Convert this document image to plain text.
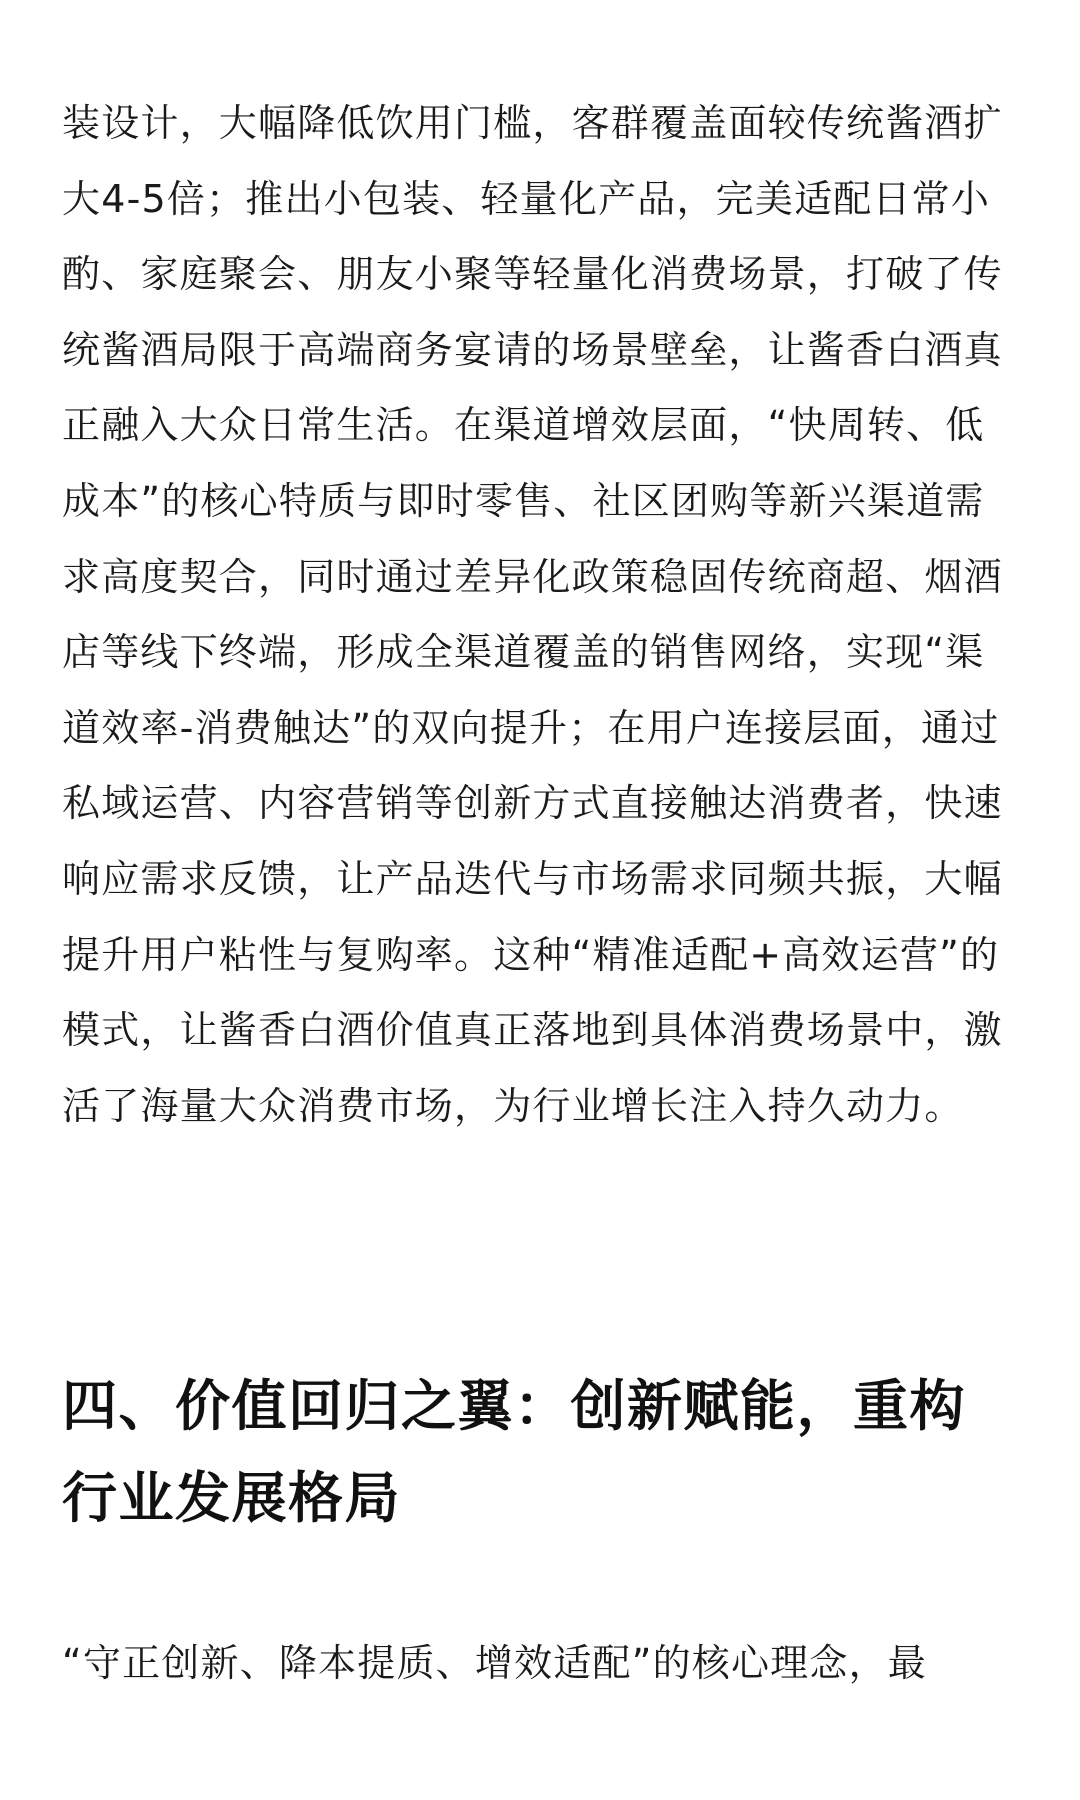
装设计，大幅降低饮用门槛，客群覆盖面较传统酱酒扩大4-5倍；推出小包装、轻量化产品，完美适配日常小酌、家庭聚会、朋友小聚等轻量化消费场景，打破了传统酱酒局限于高端商务宴请的场景壁垒，让酱香白酒真正融入大众日常生活。在渠道增效层面，“快周转、低成本”的核心特质与即时零售、社区团购等新兴渠道需求高度契合，同时通过差异化政策稳固传统商超、烟酒店等线下终端，形成全渠道覆盖的销售网络，实现“渠道效率-消费触达”的双向提升；在用户连接层面，通过私域运营、内容营销等创新方式直接触达消费者，快速响应需求反馈，让产品迭代与市场需求同频共振，大幅提升用户粘性与复购率。这种“精准适配+高效运营”的模式，让酱香白酒价值真正落地到具体消费场景中，激活了海量大众消费市场，为行业增长注入持久动力。

四、价值回归之翼：创新赋能，重构行业发展格局

“守正创新、降本提质、增效适配”的核心理念，最
